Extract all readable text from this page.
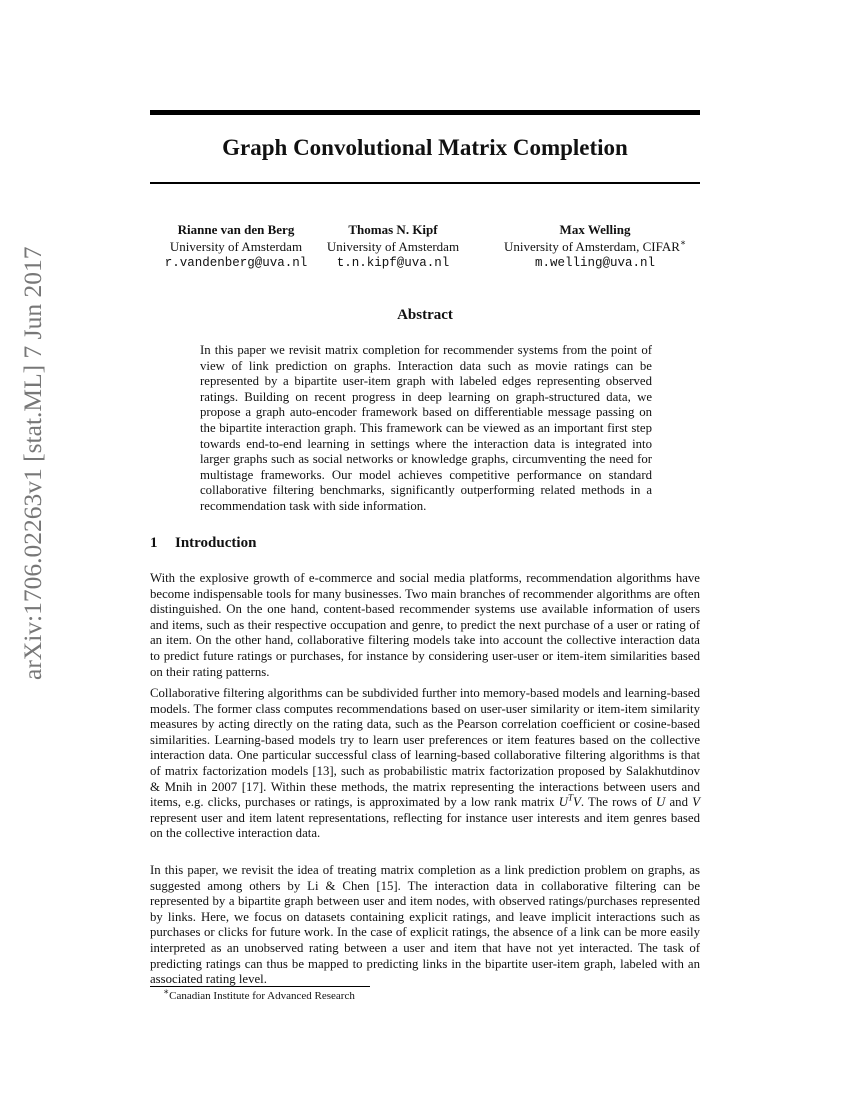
arXiv:1706.02263v1 [stat.ML] 7 Jun 2017
Graph Convolutional Matrix Completion
Rianne van den Berg
University of Amsterdam
r.vandenberg@uva.nl
Thomas N. Kipf
University of Amsterdam
t.n.kipf@uva.nl
Max Welling
University of Amsterdam, CIFAR∗
m.welling@uva.nl
Abstract
In this paper we revisit matrix completion for recommender systems from the point of view of link prediction on graphs. Interaction data such as movie ratings can be represented by a bipartite user-item graph with labeled edges representing observed ratings. Building on recent progress in deep learning on graph-structured data, we propose a graph auto-encoder framework based on differentiable message passing on the bipartite interaction graph. This framework can be viewed as an important first step towards end-to-end learning in settings where the interaction data is integrated into larger graphs such as social networks or knowledge graphs, circumventing the need for multistage frameworks. Our model achieves competitive performance on standard collaborative filtering benchmarks, significantly outperforming related methods in a recommendation task with side information.
1 Introduction

With the explosive growth of e-commerce and social media platforms, recommendation algorithms have become indispensable tools for many businesses. Two main branches of recommender algorithms are often distinguished. On the one hand, content-based recommender systems use available information of users and items, such as their respective occupation and genre, to predict the next purchase of a user or rating of an item. On the other hand, collaborative filtering models take into account the collective interaction data to predict future ratings or purchases, for instance by considering user-user or item-item similarities based on their rating patterns.

Collaborative filtering algorithms can be subdivided further into memory-based models and learning-based models. The former class computes recommendations based on user-user similarity or item-item similarity measures by acting directly on the rating data, such as the Pearson correlation coefficient or cosine-based similarities. Learning-based models try to learn user preferences or item features based on the collective interaction data. One particular successful class of learning-based collaborative filtering algorithms is that of matrix factorization models [13], such as probabilistic matrix factorization proposed by Salakhutdinov & Mnih in 2007 [17]. Within these methods, the matrix representing the interactions between users and items, e.g. clicks, purchases or ratings, is approximated by a low rank matrix $U^TV$. The rows of U and V represent user and item latent representations, reflecting for instance user interests and item genres based on the collective interaction data.

In this paper, we revisit the idea of treating matrix completion as a link prediction problem on graphs, as suggested among others by Li & Chen [15]. The interaction data in collaborative filtering can be represented by a bipartite graph between user and item nodes, with observed ratings/purchases represented by links. Here, we focus on datasets containing explicit ratings, and leave implicit interactions such as purchases or clicks for future work. In the case of explicit ratings, the absence of a link can be more easily interpreted as an unobserved rating between a user and item that have not yet interacted. The task of predicting ratings can thus be mapped to predicting links in the bipartite user-item graph, labeled with an associated rating level.

∗Canadian Institute for Advanced Research
